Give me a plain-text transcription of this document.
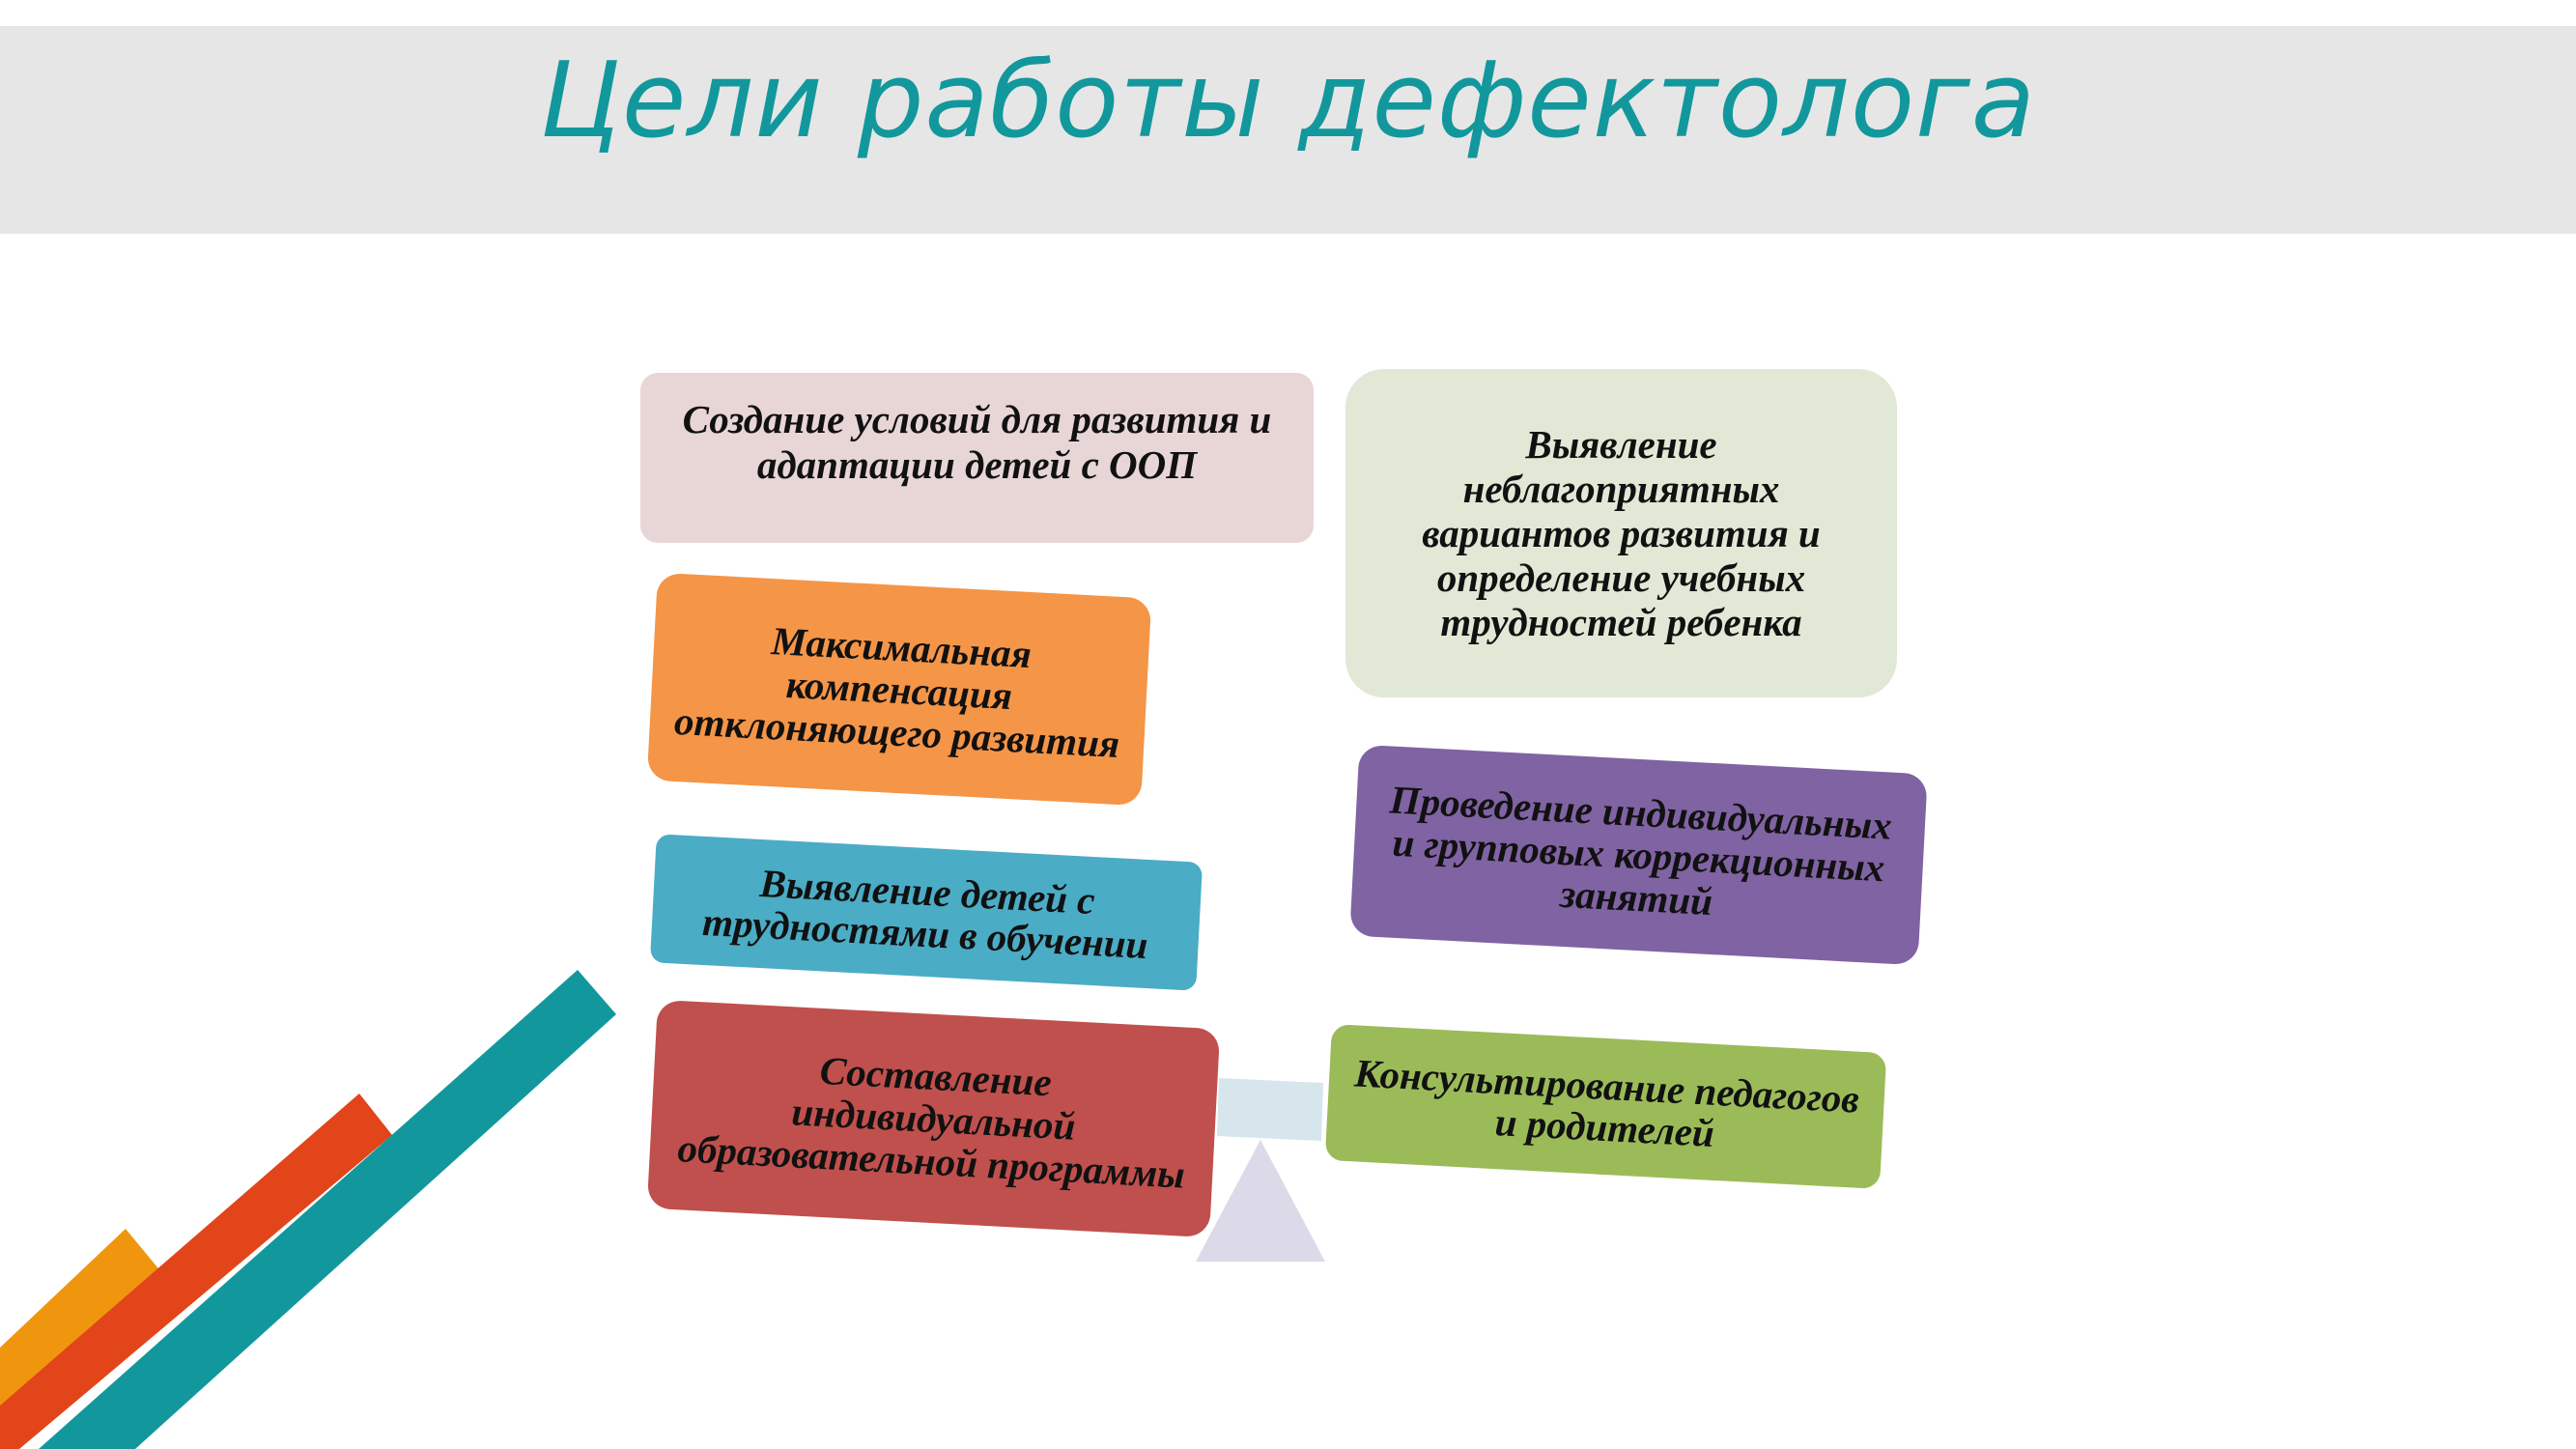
Цели работы дефектолога
Создание условий для развития и адаптации детей с ООП	Выявление неблагоприятных вариантов развития и определение учебных трудностей ребенка
Максимальная компенсация отклоняющего развития
Проведение индивидуальных и групповых коррекционных занятий
Выявление детей с трудностями в обучении
Составление индивидуальной образовательной программы
Консультирование педагогов и родителей
